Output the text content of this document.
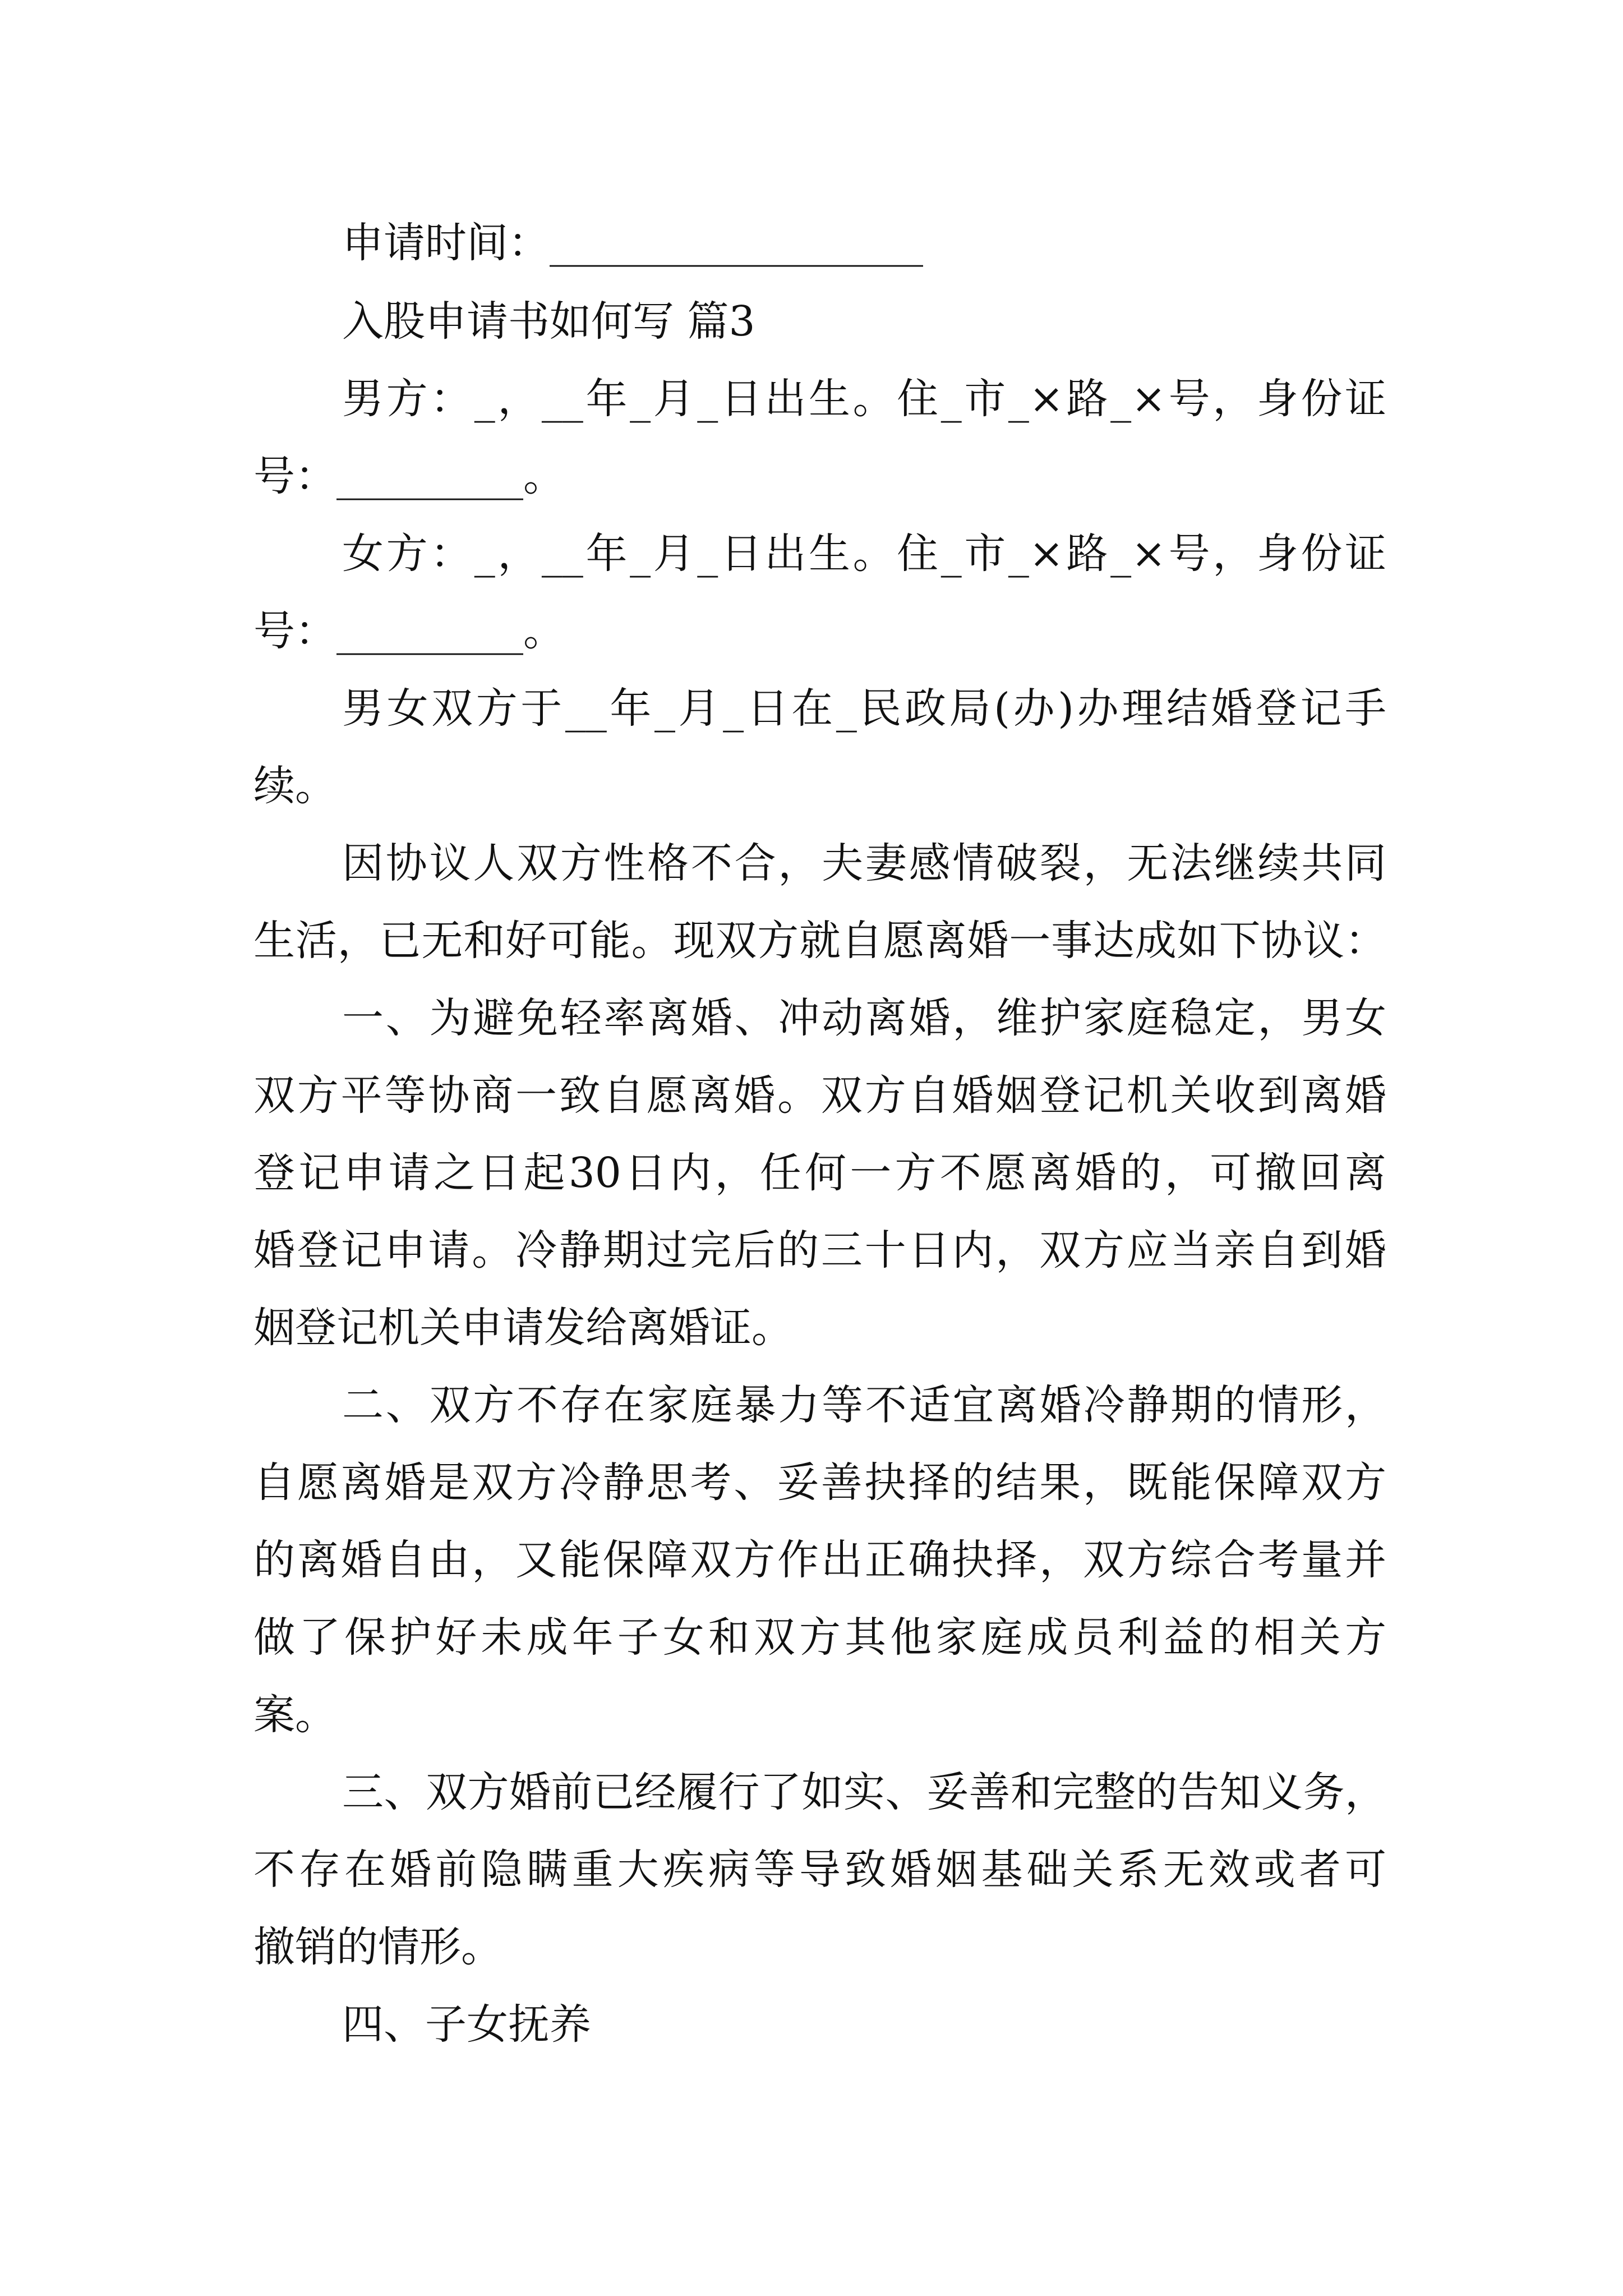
申请时间：__________________
入股申请书如何写 篇3
男方：_，__年_月_日出生。住_市_×路_×号，身份证
号：_________。
女方：_，__年_月_日出生。住_市_×路_×号，身份证
号：_________。
男女双方于__年_月_日在_民政局(办)办理结婚登记手
续。
因协议人双方性格不合，夫妻感情破裂，无法继续共同
生活，已无和好可能。现双方就自愿离婚一事达成如下协议：
一、为避免轻率离婚、冲动离婚，维护家庭稳定，男女
双方平等协商一致自愿离婚。双方自婚姻登记机关收到离婚
登记申请之日起30日内，任何一方不愿离婚的，可撤回离
婚登记申请。冷静期过完后的三十日内，双方应当亲自到婚
姻登记机关申请发给离婚证。
二、双方不存在家庭暴力等不适宜离婚冷静期的情形，
自愿离婚是双方冷静思考、妥善抉择的结果，既能保障双方
的离婚自由，又能保障双方作出正确抉择，双方综合考量并
做了保护好未成年子女和双方其他家庭成员利益的相关方
案。
三、双方婚前已经履行了如实、妥善和完整的告知义务，
不存在婚前隐瞒重大疾病等导致婚姻基础关系无效或者可
撤销的情形。
四、子女抚养
